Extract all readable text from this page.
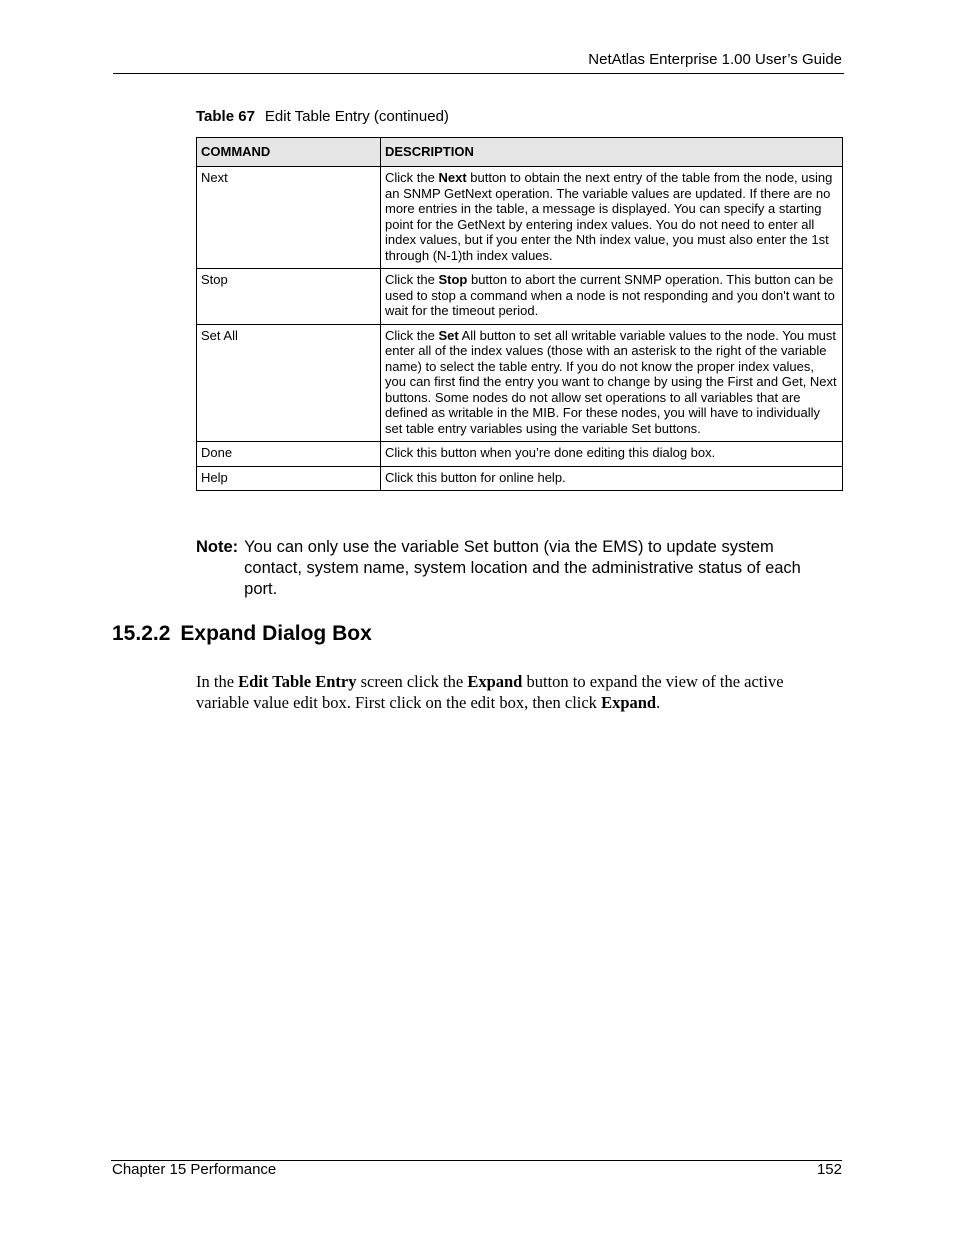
NetAtlas Enterprise 1.00 User’s Guide
Table 67 Edit Table Entry (continued)
COMMAND	DESCRIPTION
Next	Click the Next button to obtain the next entry of the table from the node, using an SNMP GetNext operation. The variable values are updated. If there are no more entries in the table, a message is displayed. You can specify a starting point for the GetNext by entering index values. You do not need to enter all index values, but if you enter the Nth index value, you must also enter the 1st through (N-1)th index values.
Stop	Click the Stop button to abort the current SNMP operation. This button can be used to stop a command when a node is not responding and you don't want to wait for the timeout period.
Set All	Click the Set All button to set all writable variable values to the node. You must enter all of the index values (those with an asterisk to the right of the variable name) to select the table entry. If you do not know the proper index values, you can first find the entry you want to change by using the First and Get, Next buttons. Some nodes do not allow set operations to all variables that are defined as writable in the MIB. For these nodes, you will have to individually set table entry variables using the variable Set buttons.
Done	Click this button when you’re done editing this dialog box.
Help	Click this button for online help.
Note: You can only use the variable Set button (via the EMS) to update system contact, system name, system location and the administrative status of each port.
15.2.2 Expand Dialog Box
In the Edit Table Entry screen click the Expand button to expand the view of the active variable value edit box. First click on the edit box, then click Expand.
Chapter 15 Performance	152
